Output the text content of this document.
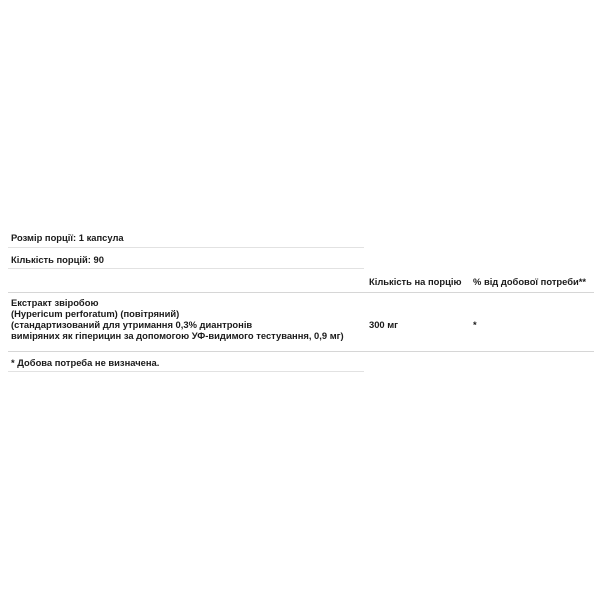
Розмір порції: 1 капсула
Кількість порцій: 90
Кількість на порцію % від добової потреби**
Екстракт звіробою
(Hypericum perforatum) (повітряний)
(стандартизований для утримання 0,3% диантронів
виміряних як гіперицин за допомогою УФ-видимого тестування, 0,9 мг)
300 мг	*
* Добова потреба не визначена.
